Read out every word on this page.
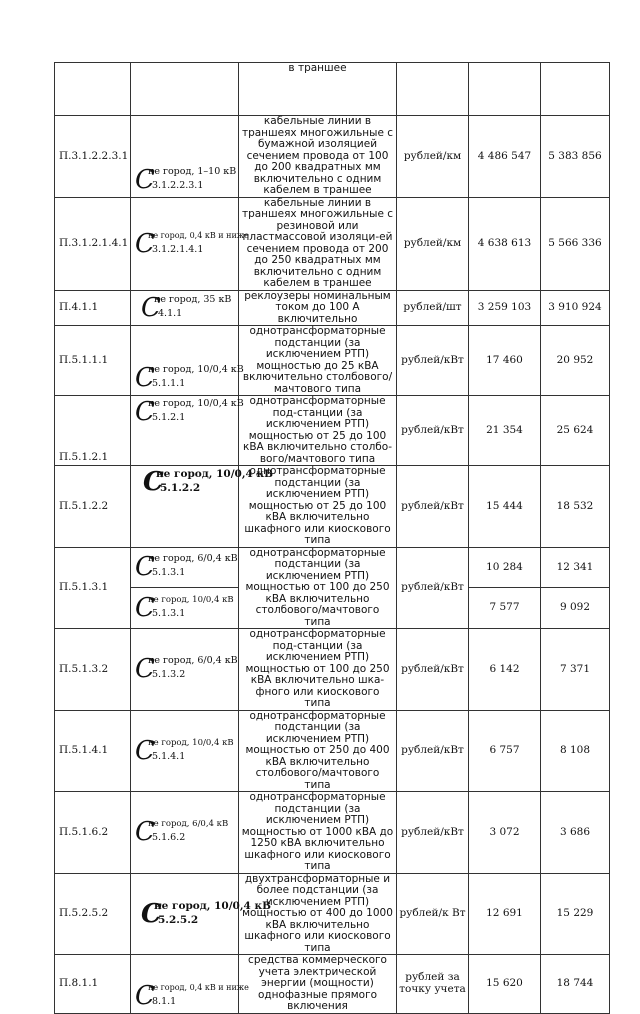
		в траншее			
П.3.1.2.2.3.1	C
не город, 1–10 кВ
3.1.2.2.3.1	кабельные линии в траншеях многожильные с бумажной изоляцией сечением провода от 100 до 200 квадратных мм включительно с одним кабелем в траншее	рублей/км	4 486 547	5 383 856
П.3.1.2.1.4.1	C
не город, 0,4 кВ и ниже
3.1.2.1.4.1	кабельные линии в траншеях многожильные с резиновой или пластмассовой изоляци-ей сечением провода от 200 до 250 квадратных мм включительно с одним кабелем в траншее	рублей/км	4 638 613	5 566 336
П.4.1.1	C
не город, 35 кВ
4.1.1	реклоузеры номинальным током до 100 А включительно	рублей/шт	3 259 103	3 910 924
П.5.1.1.1	C
не город, 10/0,4 кВ
5.1.1.1	однотрансформаторные подстанции (за исключением РТП) мощностью до 25 кВА включительно столбового/мачтового типа	рублей/кВт	17 460	20 952
П.5.1.2.1	C
не город, 10/0,4 кВ
5.1.2.1	однотрансформаторные под-станции (за исключением РТП) мощностью от 25 до 100 кВА включительно столбо-вого/мачтового типа	рублей/кВт	21 354	25 624
П.5.1.2.2	C
не город, 10/0,4 кВ
5.1.2.2	однотрансформаторные подстанции (за исключением РТП) мощностью от 25 до 100 кВА включительно шкафного или киоскового типа	рублей/кВт	15 444	18 532
П.5.1.3.1	C
не город, 6/0,4 кВ
5.1.3.1	однотрансформаторные подстанции (за исключением РТП) мощностью от 100 до 250 кВА включительно столбового/мачтового типа	рублей/кВт	10 284	12 341

	C
не город, 10/0,4 кВ
5.1.3.1			7 577	9 092
П.5.1.3.2	C
не город, 6/0,4 кВ
5.1.3.2	однотрансформаторные под-станции (за исключением РТП) мощностью от 100 до 250 кВА включительно шка-фного или киоскового типа	рублей/кВт	6 142	7 371
П.5.1.4.1	C
не город, 10/0,4 кВ
5.1.4.1	однотрансформаторные подстанции (за исключением РТП) мощностью от 250 до 400 кВА включительно столбового/мачтового типа	рублей/кВт	6 757	8 108
П.5.1.6.2	C
не город, 6/0,4 кВ
5.1.6.2	однотрансформаторные подстанции (за исключением РТП) мощностью от 1000 кВА до 1250 кВА включительно шкафного или киоскового типа	рублей/кВт	3 072	3 686
П.5.2.5.2	C
не город, 10/0,4 кВ
5.2.5.2	двухтрансформаторные и более подстанции (за исключением РТП) мощностью от 400 до 1000 кВА включительно шкафного или киоскового типа	рублей/к Вт	12 691	15 229
П.8.1.1	C
не город, 0,4 кВ и ниже
8.1.1	средства коммерческого учета электрической энергии (мощности) однофазные прямого включения	рублей за точку учета	15 620	18 744
